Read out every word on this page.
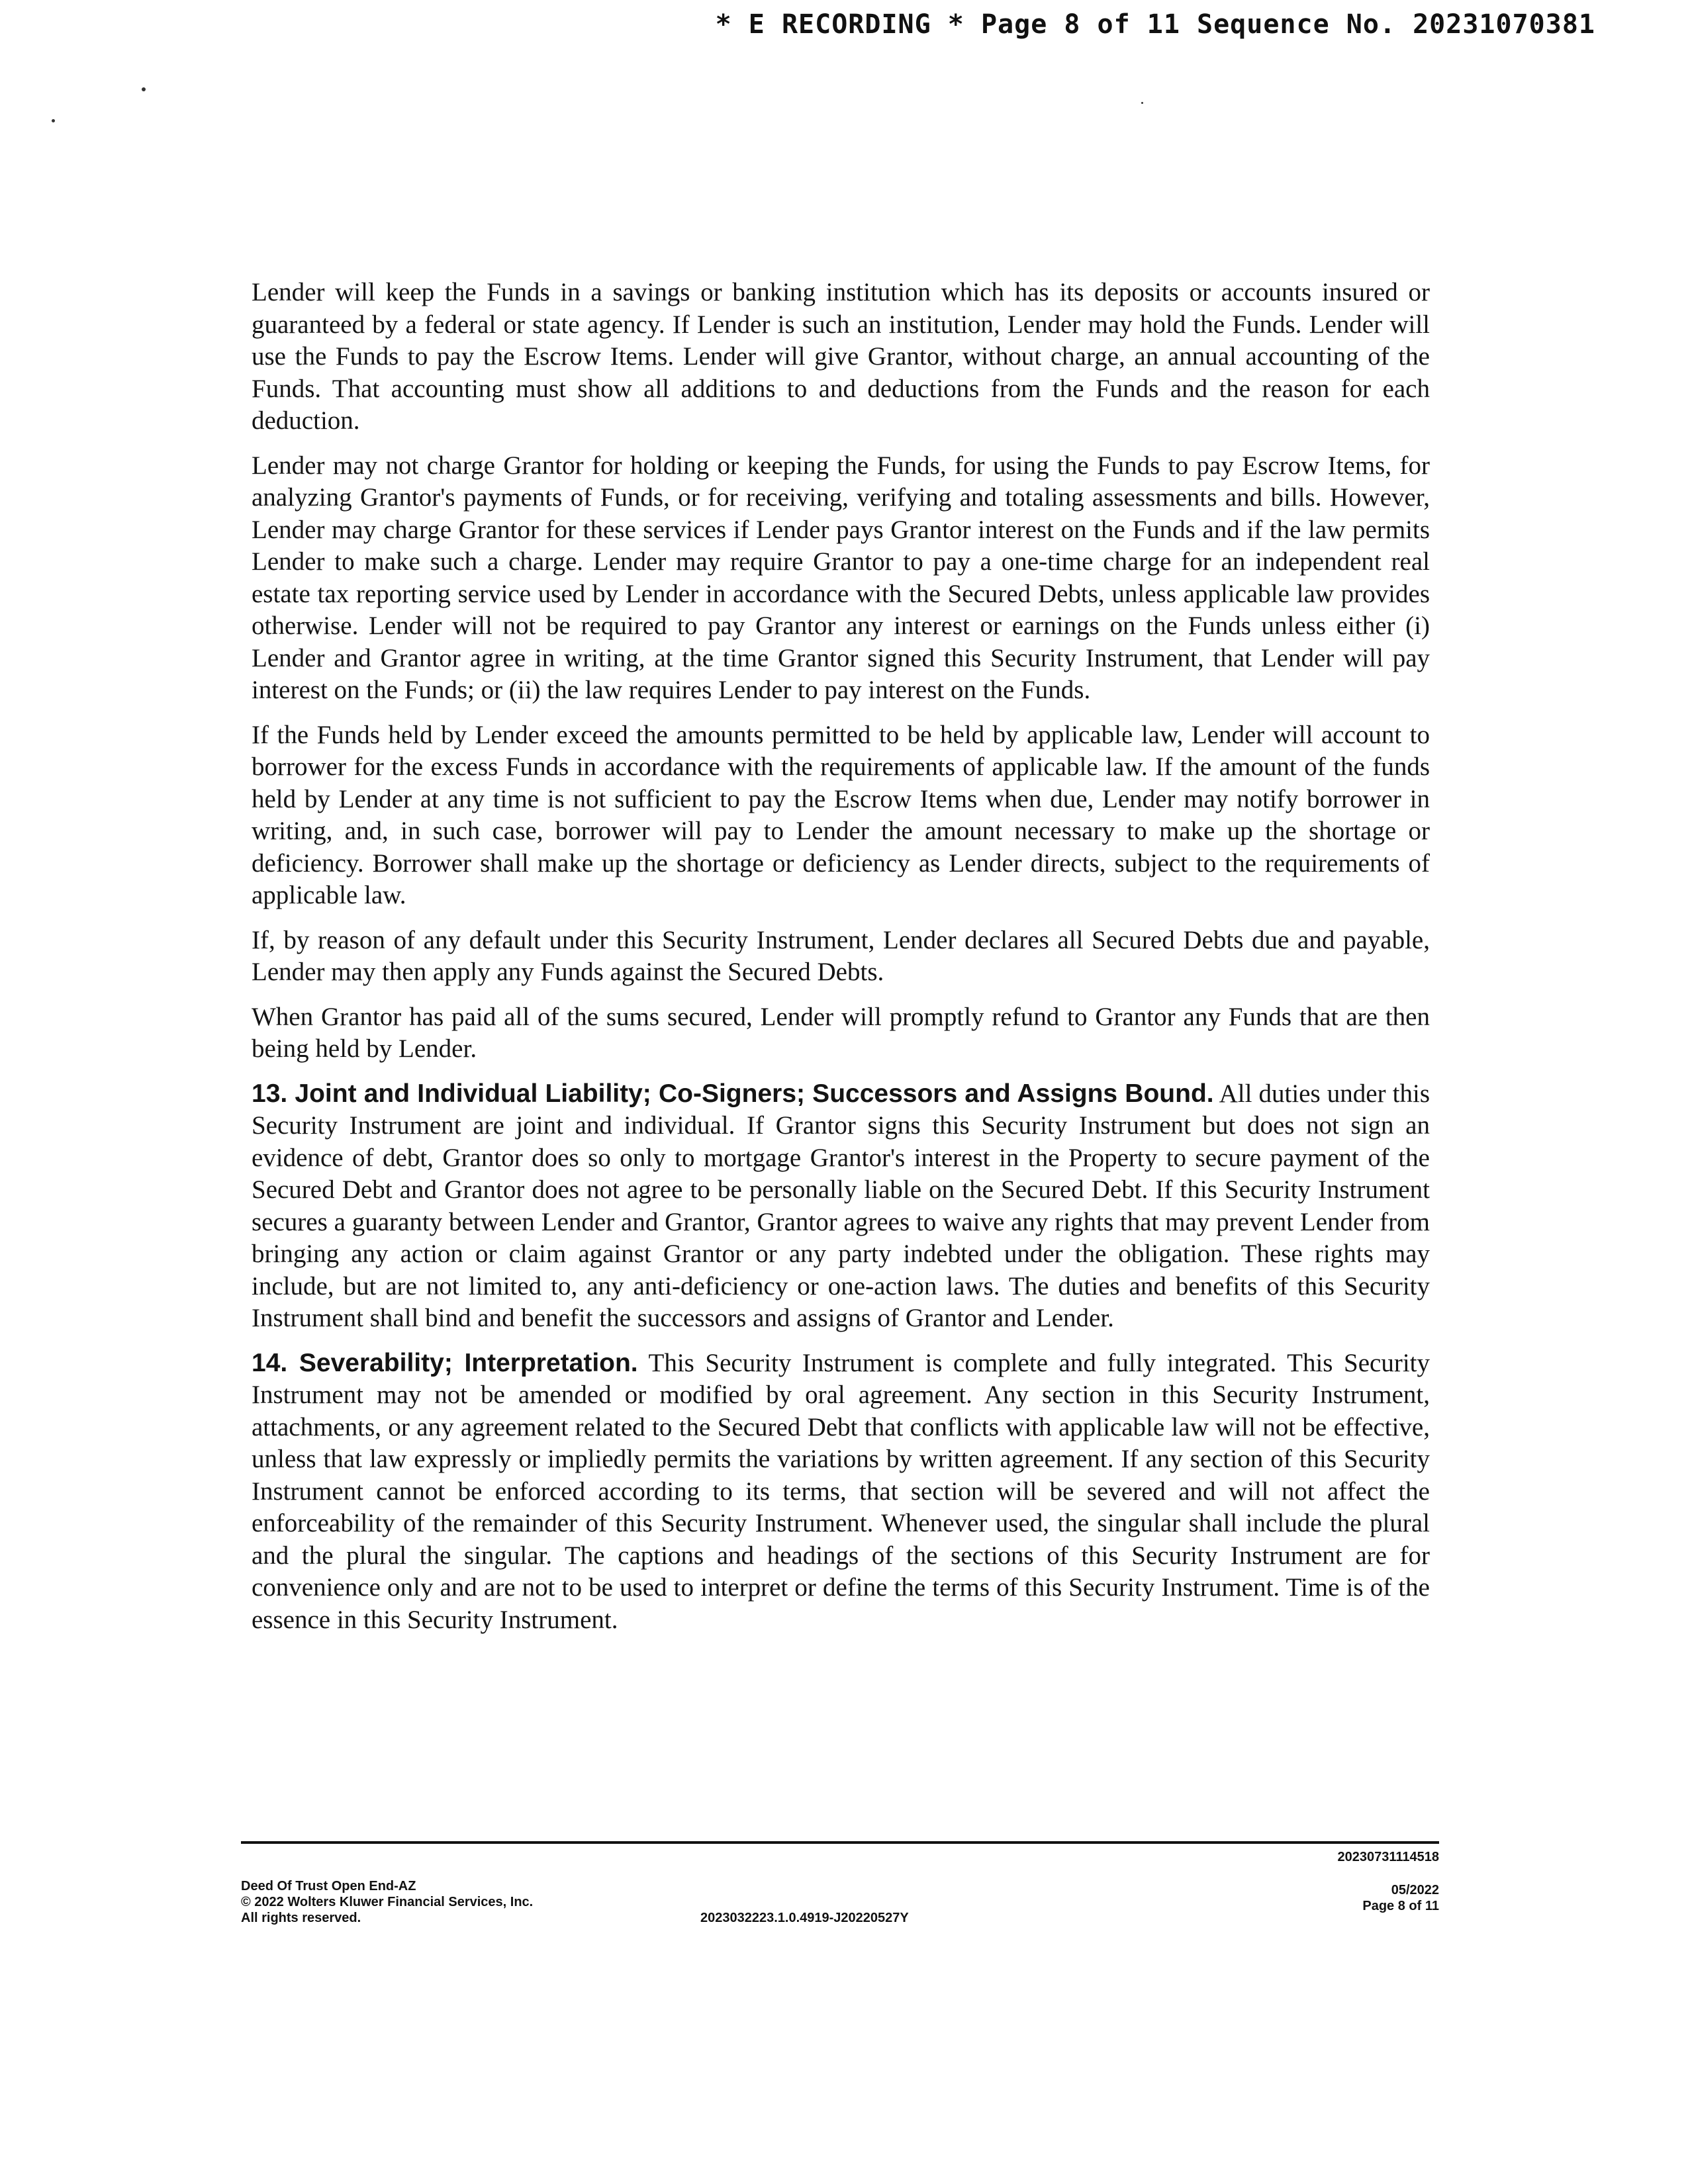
* E RECORDING * Page 8 of 11 Sequence No. 20231070381

Lender will keep the Funds in a savings or banking institution which has its deposits or accounts insured or guaranteed by a federal or state agency. If Lender is such an institution, Lender may hold the Funds. Lender will use the Funds to pay the Escrow Items. Lender will give Grantor, without charge, an annual accounting of the Funds. That accounting must show all additions to and deductions from the Funds and the reason for each deduction.

Lender may not charge Grantor for holding or keeping the Funds, for using the Funds to pay Escrow Items, for analyzing Grantor's payments of Funds, or for receiving, verifying and totaling assessments and bills. However, Lender may charge Grantor for these services if Lender pays Grantor interest on the Funds and if the law permits Lender to make such a charge. Lender may require Grantor to pay a one-time charge for an independent real estate tax reporting service used by Lender in accordance with the Secured Debts, unless applicable law provides otherwise. Lender will not be required to pay Grantor any interest or earnings on the Funds unless either (i) Lender and Grantor agree in writing, at the time Grantor signed this Security Instrument, that Lender will pay interest on the Funds; or (ii) the law requires Lender to pay interest on the Funds.

If the Funds held by Lender exceed the amounts permitted to be held by applicable law, Lender will account to borrower for the excess Funds in accordance with the requirements of applicable law. If the amount of the funds held by Lender at any time is not sufficient to pay the Escrow Items when due, Lender may notify borrower in writing, and, in such case, borrower will pay to Lender the amount necessary to make up the shortage or deficiency. Borrower shall make up the shortage or deficiency as Lender directs, subject to the requirements of applicable law.

If, by reason of any default under this Security Instrument, Lender declares all Secured Debts due and payable, Lender may then apply any Funds against the Secured Debts.

When Grantor has paid all of the sums secured, Lender will promptly refund to Grantor any Funds that are then being held by Lender.

13. Joint and Individual Liability; Co-Signers; Successors and Assigns Bound. All duties under this Security Instrument are joint and individual. If Grantor signs this Security Instrument but does not sign an evidence of debt, Grantor does so only to mortgage Grantor's interest in the Property to secure payment of the Secured Debt and Grantor does not agree to be personally liable on the Secured Debt. If this Security Instrument secures a guaranty between Lender and Grantor, Grantor agrees to waive any rights that may prevent Lender from bringing any action or claim against Grantor or any party indebted under the obligation. These rights may include, but are not limited to, any anti-deficiency or one-action laws. The duties and benefits of this Security Instrument shall bind and benefit the successors and assigns of Grantor and Lender.

14. Severability; Interpretation. This Security Instrument is complete and fully integrated. This Security Instrument may not be amended or modified by oral agreement. Any section in this Security Instrument, attachments, or any agreement related to the Secured Debt that conflicts with applicable law will not be effective, unless that law expressly or impliedly permits the variations by written agreement. If any section of this Security Instrument cannot be enforced according to its terms, that section will be severed and will not affect the enforceability of the remainder of this Security Instrument. Whenever used, the singular shall include the plural and the plural the singular. The captions and headings of the sections of this Security Instrument are for convenience only and are not to be used to interpret or define the terms of this Security Instrument. Time is of the essence in this Security Instrument.

Deed Of Trust Open End-AZ
© 2022 Wolters Kluwer Financial Services, Inc.
All rights reserved.	2023032223.1.0.4919-J20220527Y
20230731114518
05/2022
Page 8 of 11
